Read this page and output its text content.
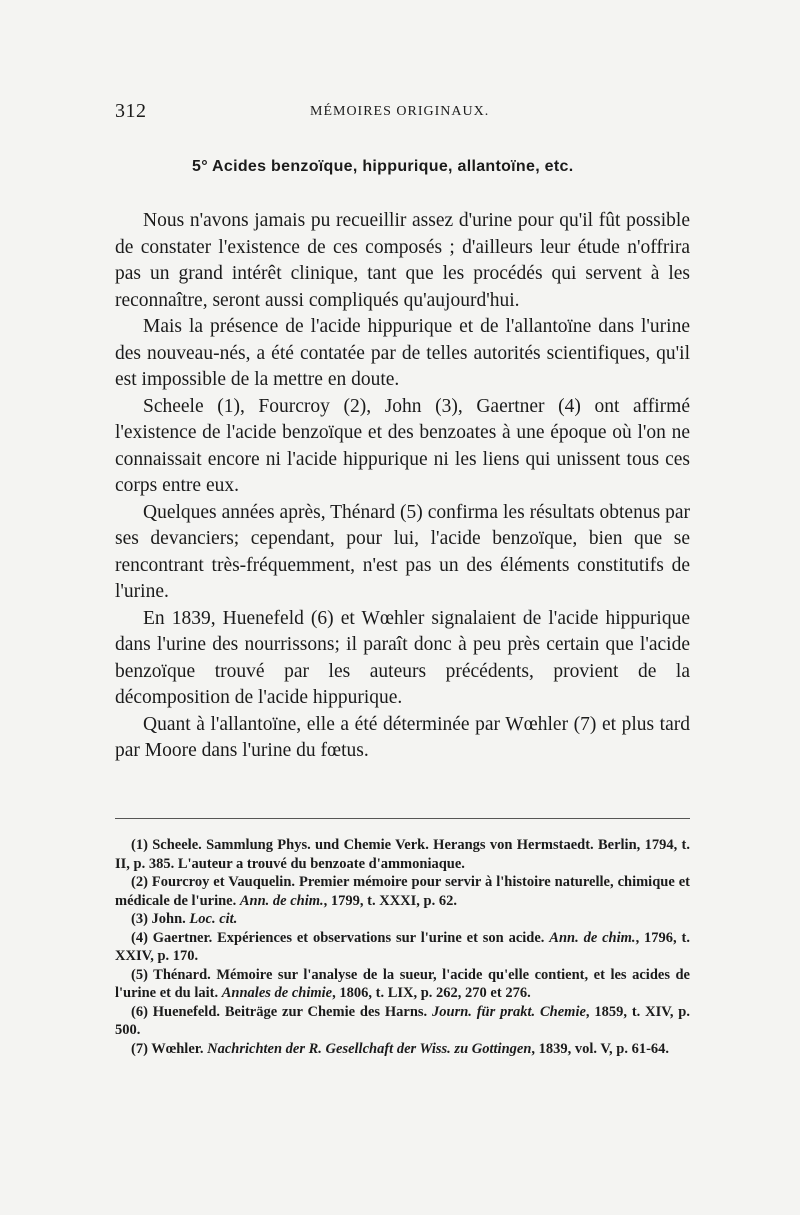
312	MÉMOIRES ORIGINAUX.
5° Acides benzoïque, hippurique, allantoïne, etc.

Nous n'avons jamais pu recueillir assez d'urine pour qu'il fût possible de constater l'existence de ces composés ; d'ailleurs leur étude n'offrira pas un grand intérêt clinique, tant que les procédés qui servent à les reconnaître, seront aussi compliqués qu'aujourd'hui.

Mais la présence de l'acide hippurique et de l'allantoïne dans l'urine des nouveau-nés, a été contatée par de telles autorités scientifiques, qu'il est impossible de la mettre en doute.

Scheele (1), Fourcroy (2), John (3), Gaertner (4) ont affirmé l'existence de l'acide benzoïque et des benzoates à une époque où l'on ne connaissait encore ni l'acide hippurique ni les liens qui unissent tous ces corps entre eux.

Quelques années après, Thénard (5) confirma les résultats obtenus par ses devanciers; cependant, pour lui, l'acide benzoïque, bien que se rencontrant très-fréquemment, n'est pas un des éléments constitutifs de l'urine.

En 1839, Huenefeld (6) et Wœhler signalaient de l'acide hippurique dans l'urine des nourrissons; il paraît donc à peu près certain que l'acide benzoïque trouvé par les auteurs précédents, provient de la décomposition de l'acide hippurique.

Quant à l'allantoïne, elle a été déterminée par Wœhler (7) et plus tard par Moore dans l'urine du fœtus.

(1) Scheele. Sammlung Phys. und Chemie Verk. Herangs von Hermstaedt. Berlin, 1794, t. II, p. 385. L'auteur a trouvé du benzoate d'ammoniaque.

(2) Fourcroy et Vauquelin. Premier mémoire pour servir à l'histoire naturelle, chimique et médicale de l'urine. Ann. de chim., 1799, t. XXXI, p. 62.

(3) John. Loc. cit.

(4) Gaertner. Expériences et observations sur l'urine et son acide. Ann. de chim., 1796, t. XXIV, p. 170.

(5) Thénard. Mémoire sur l'analyse de la sueur, l'acide qu'elle contient, et les acides de l'urine et du lait. Annales de chimie, 1806, t. LIX, p. 262, 270 et 276.

(6) Huenefeld. Beiträge zur Chemie des Harns. Journ. für prakt. Chemie, 1859, t. XIV, p. 500.

(7) Wœhler. Nachrichten der R. Gesellchaft der Wiss. zu Gottingen, 1839, vol. V, p. 61-64.
